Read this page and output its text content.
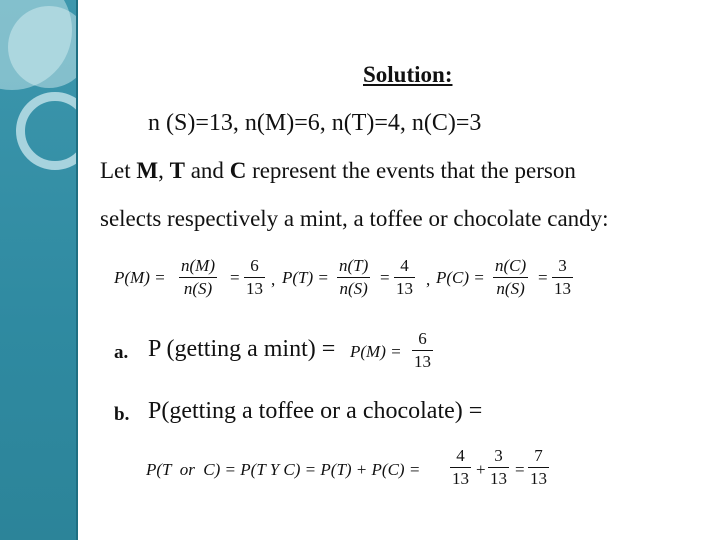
Solution:
n (S)=13, n(M)=6, n(T)=4, n(C)=3
Let M, T and C represent the events that the person
selects respectively a mint, a toffee or chocolate candy:
P(M) =
n(M)
n(S)
=
6
13 , P(T) =
n(T)
n(S)
=
4
13 , P(C) =
n(C)
n(S)
=
3
13
a. P (getting a mint) = P(M) =
6
13
b. P(getting a toffee or a chocolate) =
P(T  or  C) = P(T Y C) = P(T) + P(C) =
4
13 +
3
13 =
7
13
